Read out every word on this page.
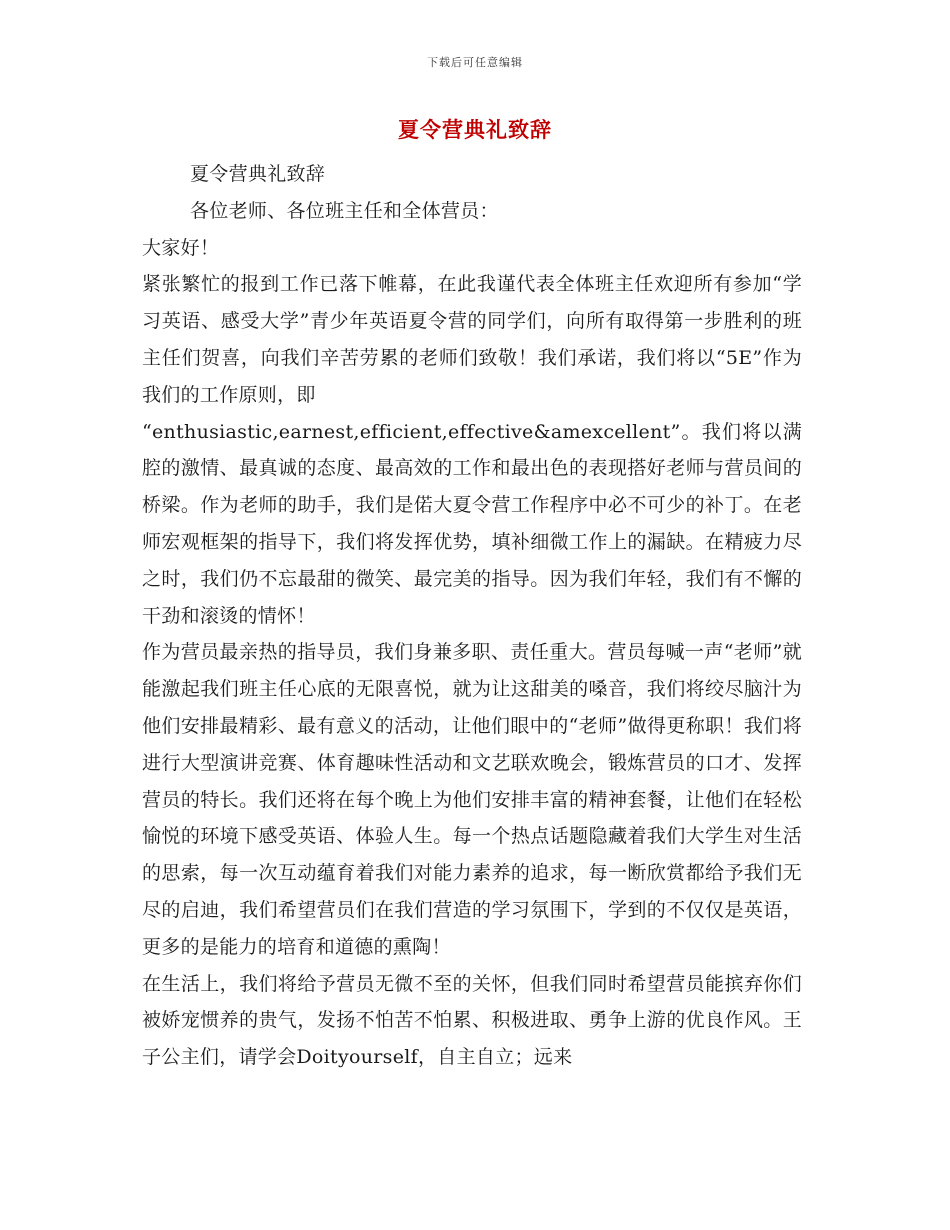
下载后可任意编辑
夏令营典礼致辞

夏令营典礼致辞

各位老师、各位班主任和全体营员：

大家好！

紧张繁忙的报到工作已落下帷幕，在此我谨代表全体班主任欢迎所有参加“学习英语、感受大学”青少年英语夏令营的同学们，向所有取得第一步胜利的班主任们贺喜，向我们辛苦劳累的老师们致敬！我们承诺，我们将以“5E”作为我们的工作原则，即

“enthusiastic,earnest,efficient,effective&amexcellent”。我们将以满腔的激情、最真诚的态度、最高效的工作和最出色的表现搭好老师与营员间的桥梁。作为老师的助手，我们是偌大夏令营工作程序中必不可少的补丁。在老师宏观框架的指导下，我们将发挥优势，填补细微工作上的漏缺。在精疲力尽之时，我们仍不忘最甜的微笑、最完美的指导。因为我们年轻，我们有不懈的干劲和滚烫的情怀！

作为营员最亲热的指导员，我们身兼多职、责任重大。营员每喊一声“老师”就能激起我们班主任心底的无限喜悦，就为让这甜美的嗓音，我们将绞尽脑汁为他们安排最精彩、最有意义的活动，让他们眼中的“老师”做得更称职！我们将进行大型演讲竞赛、体育趣味性活动和文艺联欢晚会，锻炼营员的口才、发挥营员的特长。我们还将在每个晚上为他们安排丰富的精神套餐，让他们在轻松愉悦的环境下感受英语、体验人生。每一个热点话题隐藏着我们大学生对生活的思索，每一次互动蕴育着我们对能力素养的追求，每一断欣赏都给予我们无尽的启迪，我们希望营员们在我们营造的学习氛围下，学到的不仅仅是英语，更多的是能力的培育和道德的熏陶！

在生活上，我们将给予营员无微不至的关怀，但我们同时希望营员能摈弃你们被娇宠惯养的贵气，发扬不怕苦不怕累、积极进取、勇争上游的优良作风。王子公主们，请学会Doityourself，自主自立；远来
